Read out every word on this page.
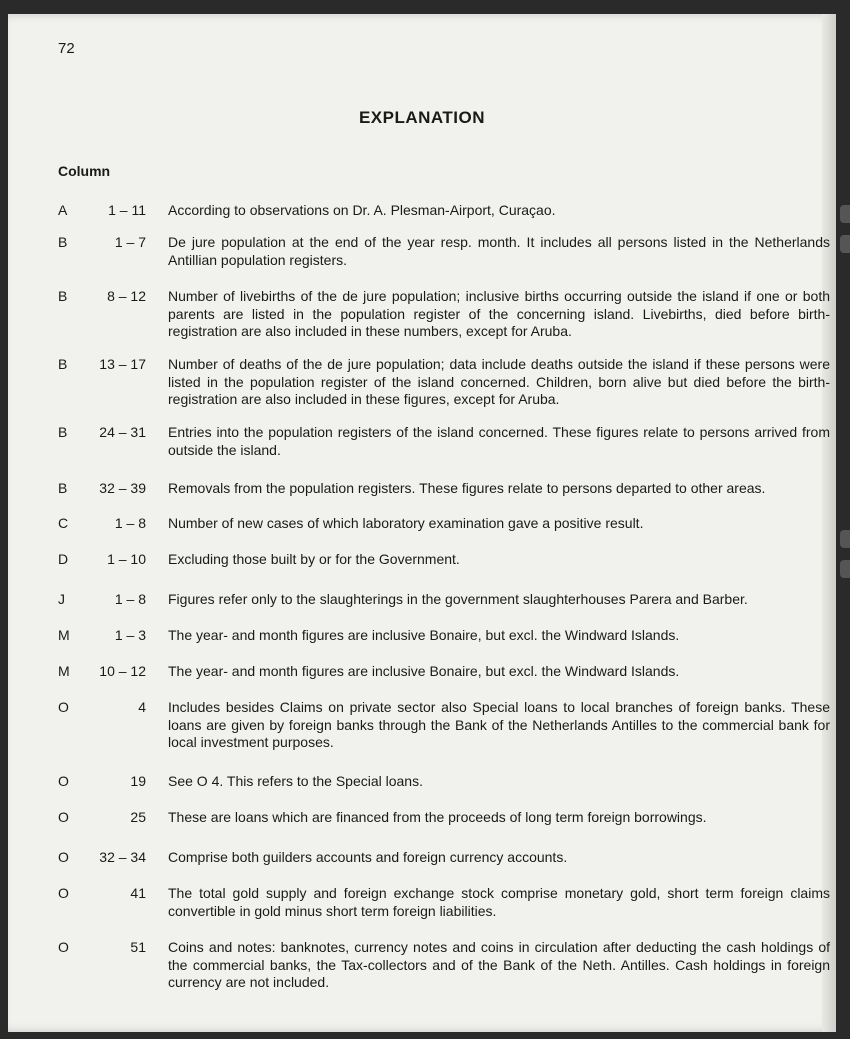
72
EXPLANATION
Column
A	1 – 11	According to observations on Dr. A. Plesman-Airport, Curaçao.
B	1 – 7	De jure population at the end of the year resp. month. It includes all persons listed in the Netherlands Antillian population registers.
B	8 – 12	Number of livebirths of the de jure population; inclusive births occurring outside the island if one or both parents are listed in the population register of the concerning island. Livebirths, died before birth-registration are also included in these numbers, except for Aruba.
B	13 – 17	Number of deaths of the de jure population; data include deaths outside the island if these persons were listed in the population register of the island concerned. Children, born alive but died before the birth-registration are also included in these figures, except for Aruba.
B	24 – 31	Entries into the population registers of the island concerned. These figures relate to persons arrived from outside the island.
B	32 – 39	Removals from the population registers. These figures relate to persons departed to other areas.
C	1 – 8	Number of new cases of which laboratory examination gave a positive result.
D	1 – 10	Excluding those built by or for the Government.
J	1 – 8	Figures refer only to the slaughterings in the government slaughterhouses Parera and Barber.
M	1 – 3	The year- and month figures are inclusive Bonaire, but excl. the Windward Islands.
M	10 – 12	The year- and month figures are inclusive Bonaire, but excl. the Windward Islands.
O	4	Includes besides Claims on private sector also Special loans to local branches of foreign banks. These loans are given by foreign banks through the Bank of the Netherlands Antilles to the commercial bank for local investment purposes.
O	19	See O 4. This refers to the Special loans.
O	25	These are loans which are financed from the proceeds of long term foreign borrowings.
O	32 – 34	Comprise both guilders accounts and foreign currency accounts.
O	41	The total gold supply and foreign exchange stock comprise monetary gold, short term foreign claims convertible in gold minus short term foreign liabilities.
O	51	Coins and notes: banknotes, currency notes and coins in circulation after deducting the cash holdings of the commercial banks, the Tax-collectors and of the Bank of the Neth. Antilles. Cash holdings in foreign currency are not included.
